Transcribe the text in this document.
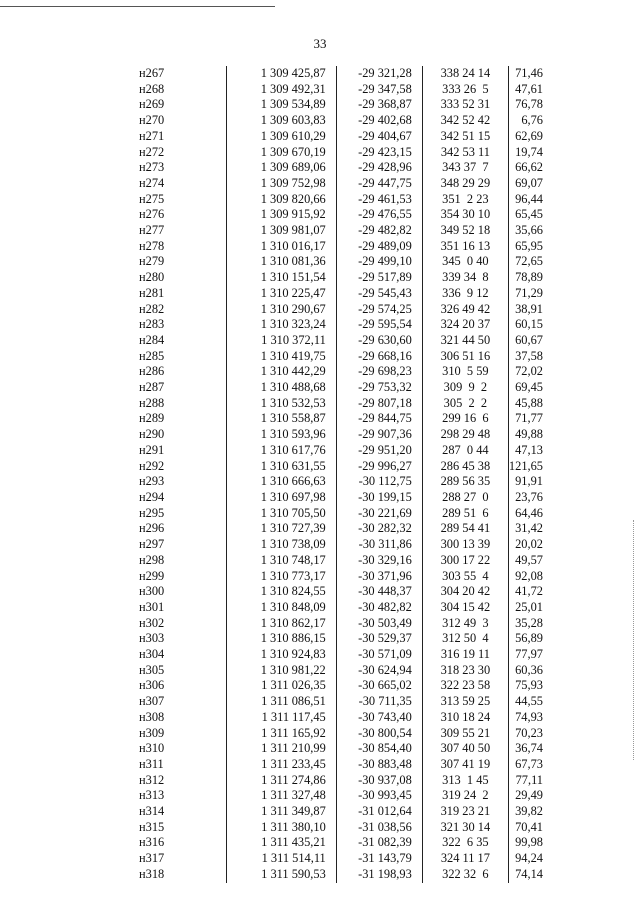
33
н267	1 309 425,87	-29 321,28	338 24 14	71,46
н268	1 309 492,31	-29 347,58	333 26  5	47,61
н269	1 309 534,89	-29 368,87	333 52 31	76,78
н270	1 309 603,83	-29 402,68	342 52 42	6,76
н271	1 309 610,29	-29 404,67	342 51 15	62,69
н272	1 309 670,19	-29 423,15	342 53 11	19,74
н273	1 309 689,06	-29 428,96	343 37  7	66,62
н274	1 309 752,98	-29 447,75	348 29 29	69,07
н275	1 309 820,66	-29 461,53	351  2 23	96,44
н276	1 309 915,92	-29 476,55	354 30 10	65,45
н277	1 309 981,07	-29 482,82	349 52 18	35,66
н278	1 310 016,17	-29 489,09	351 16 13	65,95
н279	1 310 081,36	-29 499,10	345  0 40	72,65
н280	1 310 151,54	-29 517,89	339 34  8	78,89
н281	1 310 225,47	-29 545,43	336  9 12	71,29
н282	1 310 290,67	-29 574,25	326 49 42	38,91
н283	1 310 323,24	-29 595,54	324 20 37	60,15
н284	1 310 372,11	-29 630,60	321 44 50	60,67
н285	1 310 419,75	-29 668,16	306 51 16	37,58
н286	1 310 442,29	-29 698,23	310  5 59	72,02
н287	1 310 488,68	-29 753,32	309  9  2	69,45
н288	1 310 532,53	-29 807,18	305  2  2	45,88
н289	1 310 558,87	-29 844,75	299 16  6	71,77
н290	1 310 593,96	-29 907,36	298 29 48	49,88
н291	1 310 617,76	-29 951,20	287  0 44	47,13
н292	1 310 631,55	-29 996,27	286 45 38	121,65
н293	1 310 666,63	-30 112,75	289 56 35	91,91
н294	1 310 697,98	-30 199,15	288 27  0	23,76
н295	1 310 705,50	-30 221,69	289 51  6	64,46
н296	1 310 727,39	-30 282,32	289 54 41	31,42
н297	1 310 738,09	-30 311,86	300 13 39	20,02
н298	1 310 748,17	-30 329,16	300 17 22	49,57
н299	1 310 773,17	-30 371,96	303 55  4	92,08
н300	1 310 824,55	-30 448,37	304 20 42	41,72
н301	1 310 848,09	-30 482,82	304 15 42	25,01
н302	1 310 862,17	-30 503,49	312 49  3	35,28
н303	1 310 886,15	-30 529,37	312 50  4	56,89
н304	1 310 924,83	-30 571,09	316 19 11	77,97
н305	1 310 981,22	-30 624,94	318 23 30	60,36
н306	1 311 026,35	-30 665,02	322 23 58	75,93
н307	1 311 086,51	-30 711,35	313 59 25	44,55
н308	1 311 117,45	-30 743,40	310 18 24	74,93
н309	1 311 165,92	-30 800,54	309 55 21	70,23
н310	1 311 210,99	-30 854,40	307 40 50	36,74
н311	1 311 233,45	-30 883,48	307 41 19	67,73
н312	1 311 274,86	-30 937,08	313  1 45	77,11
н313	1 311 327,48	-30 993,45	319 24  2	29,49
н314	1 311 349,87	-31 012,64	319 23 21	39,82
н315	1 311 380,10	-31 038,56	321 30 14	70,41
н316	1 311 435,21	-31 082,39	322  6 35	99,98
н317	1 311 514,11	-31 143,79	324 11 17	94,24
н318	1 311 590,53	-31 198,93	322 32  6	74,14
